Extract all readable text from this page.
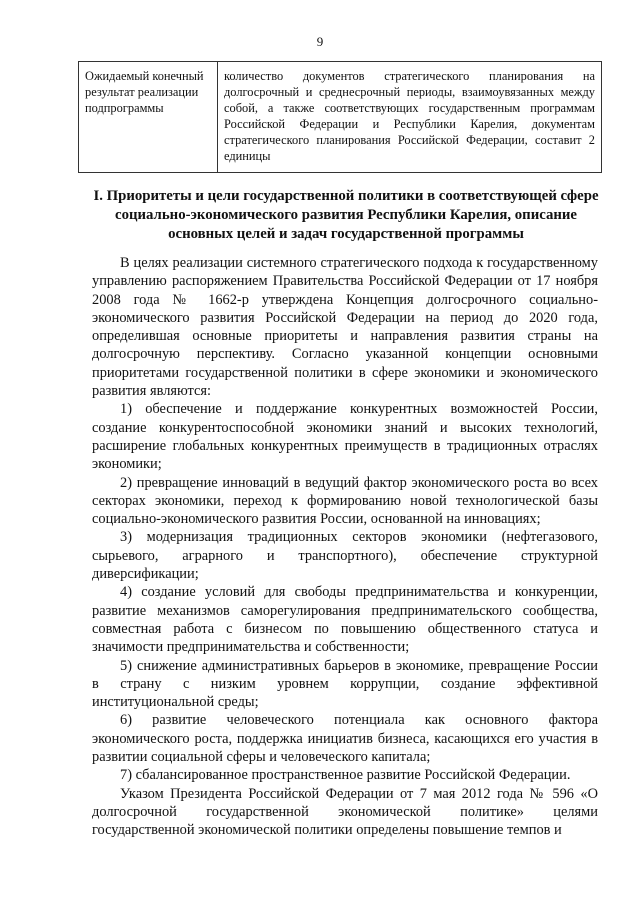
9
Ожидаемый конечный результат реализации подпрограммы	количество документов стратегического планирования на долгосрочный и среднесрочный периоды, взаимоувязанных между собой, а также соответствующих государственным программам Российской Федерации и Республики Карелия, документам стратегического планирования Российской Федерации, составит 2 единицы
I. Приоритеты и цели государственной политики в соответствующей сфере социально-экономического развития Республики Карелия, описание основных целей и задач государственной программы

В целях реализации системного стратегического подхода к государственному управлению распоряжением Правительства Российской Федерации от 17 ноября 2008 года № 1662-р утверждена Концепция долгосрочного социально-экономического развития Российской Федерации на период до 2020 года, определившая основные приоритеты и направления развития страны на долгосрочную перспективу. Согласно указанной концепции основными приоритетами государственной политики в сфере экономики и экономического развития являются:

1) обеспечение и поддержание конкурентных возможностей России, создание конкурентоспособной экономики знаний и высоких технологий, расширение глобальных конкурентных преимуществ в традиционных отраслях экономики;

2) превращение инноваций в ведущий фактор экономического роста во всех секторах экономики, переход к формированию новой технологической базы социально-экономического развития России, основанной на инновациях;

3) модернизация традиционных секторов экономики (нефтегазового, сырьевого, аграрного и транспортного), обеспечение структурной диверсификации;

4) создание условий для свободы предпринимательства и конкуренции, развитие механизмов саморегулирования предпринимательского сообщества, совместная работа с бизнесом по повышению общественного статуса и значимости предпринимательства и собственности;

5) снижение административных барьеров в экономике, превращение России в страну с низким уровнем коррупции, создание эффективной институциональной среды;

6) развитие человеческого потенциала как основного фактора экономического роста, поддержка инициатив бизнеса, касающихся его участия в развитии социальной сферы и человеческого капитала;

7) сбалансированное пространственное развитие Российской Федерации.

Указом Президента Российской Федерации от 7 мая 2012 года № 596 «О долгосрочной государственной экономической политике» целями государственной экономической политики определены повышение темпов и
